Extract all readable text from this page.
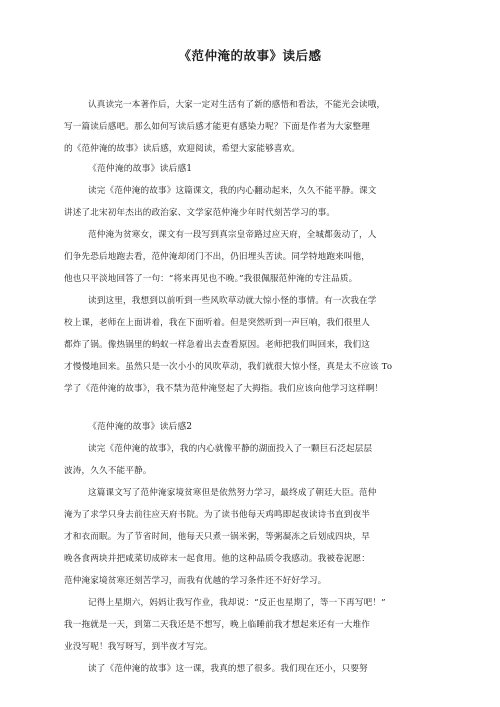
《范仲淹的故事》读后感
认真读完一本著作后，大家一定对生活有了新的感悟和看法，不能光会读哦，
写一篇读后感吧。那么如何写读后感才能更有感染力呢？下面是作者为大家整理
的《范仲淹的故事》读后感，欢迎阅读，希望大家能够喜欢。
《范仲淹的故事》读后感1
读完《范仲淹的故事》这篇课文，我的内心翻动起来，久久不能平静。课文
讲述了北宋初年杰出的政治家、文学家范仲淹少年时代刻苦学习的事。
范仲淹为贫寒女，课文有一段写到真宗皇帝路过应天府，全城都轰动了，人
们争先恐后地跑去看，范仲淹却闭门不出，仍旧埋头苦读。同学特地跑来叫他，
他也只平淡地回答了一句：“将来再见也不晚。”我很佩服范仲淹的专注品质。
读到这里，我想到以前听到一些风吹草动就大惊小怪的事情。有一次我在学
校上课，老师在上面讲着，我在下面听着。但是突然听到一声巨响，我们很里人
都炸了锅。像热锅里的蚂蚁一样急着出去查看原因。老师把我们叫回来，我们这
才慢慢地回来。虽然只是一次小小的风吹草动，我们就很大惊小怪，真是太不应该 To
学了《范仲淹的故事》，我不禁为范仲淹竖起了大拇指。我们应该向他学习这样啊！
《范仲淹的故事》读后感2
读完《范仲淹的故事》，我的内心就像平静的湖面投入了一颗巨石泛起层层
波涛，久久不能平静。
这篇课文写了范仲淹家境贫寒但是依然努力学习，最终成了朝廷大臣。范仲
淹为了求学只身去前往应天府书院。为了读书他每天鸡鸣即起夜读诗书直到夜半
才和衣而眠。为了节省时间，他每天只煮一锅米粥，等粥凝冻之后划成四块，早
晚各食两块并把咸菜切成碎末一起食用。他的这种品质令我感动。我被卷泥愿：
范仲淹家境贫寒还刻苦学习，而我有优越的学习条件还不好好学习。
记得上星期六，妈妈让我写作业，我却说：“反正也星期了，等一下再写吧！”
我一拖就是一天，到第二天我还是不想写，晚上临睡前我才想起来还有一大堆作
业没写呢！我写呀写，到半夜才写完。
读了《范仲淹的故事》这一课，我真的想了很多。我们现在还小，只要努
